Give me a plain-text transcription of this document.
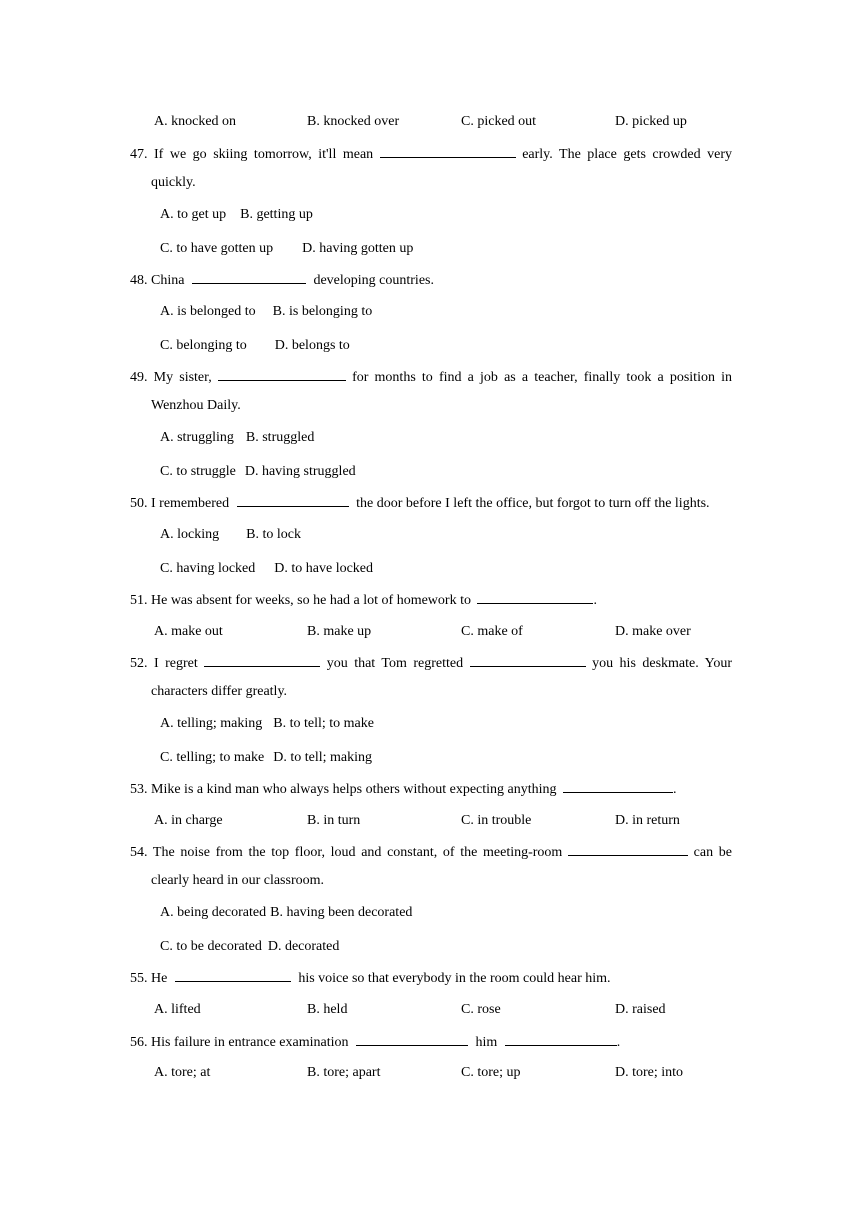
A. knocked on	B. knocked over	C. picked out	D. picked up
47. If we go skiing tomorrow, it'll mean	early. The place gets crowded very
quickly.
A. to get up B. getting up
C. to have gotten up D. having gotten up
48. China	developing countries.
A. is belonged to B. is belonging to
C. belonging to D. belongs to
49. My sister,	for months to find a job as a teacher, finally took a position in
Wenzhou Daily.
A. struggling B. struggled
C. to struggle D. having struggled
50. I remembered	the door before I left the office, but forgot to turn off the lights.
A. locking B. to lock
C. having locked D. to have locked
51. He was absent for weeks, so he had a lot of homework to	.
A. make out	B. make up	C. make of	D. make over
52. I regret	you that Tom regretted	you his deskmate. Your
characters differ greatly.
A. telling; making B. to tell; to make
C. telling; to make D. to tell; making
53. Mike is a kind man who always helps others without expecting anything	.
A. in charge	B. in turn	C. in trouble	D. in return
54. The noise from the top floor, loud and constant, of the meeting-room	can be
clearly heard in our classroom.
A. being decorated B. having been decorated
C. to be decorated D. decorated
55. He	his voice so that everybody in the room could hear him.
A. lifted	B. held	C. rose	D. raised
56. His failure in entrance examination	him	.
A. tore; at	B. tore; apart	C. tore; up	D. tore; into
